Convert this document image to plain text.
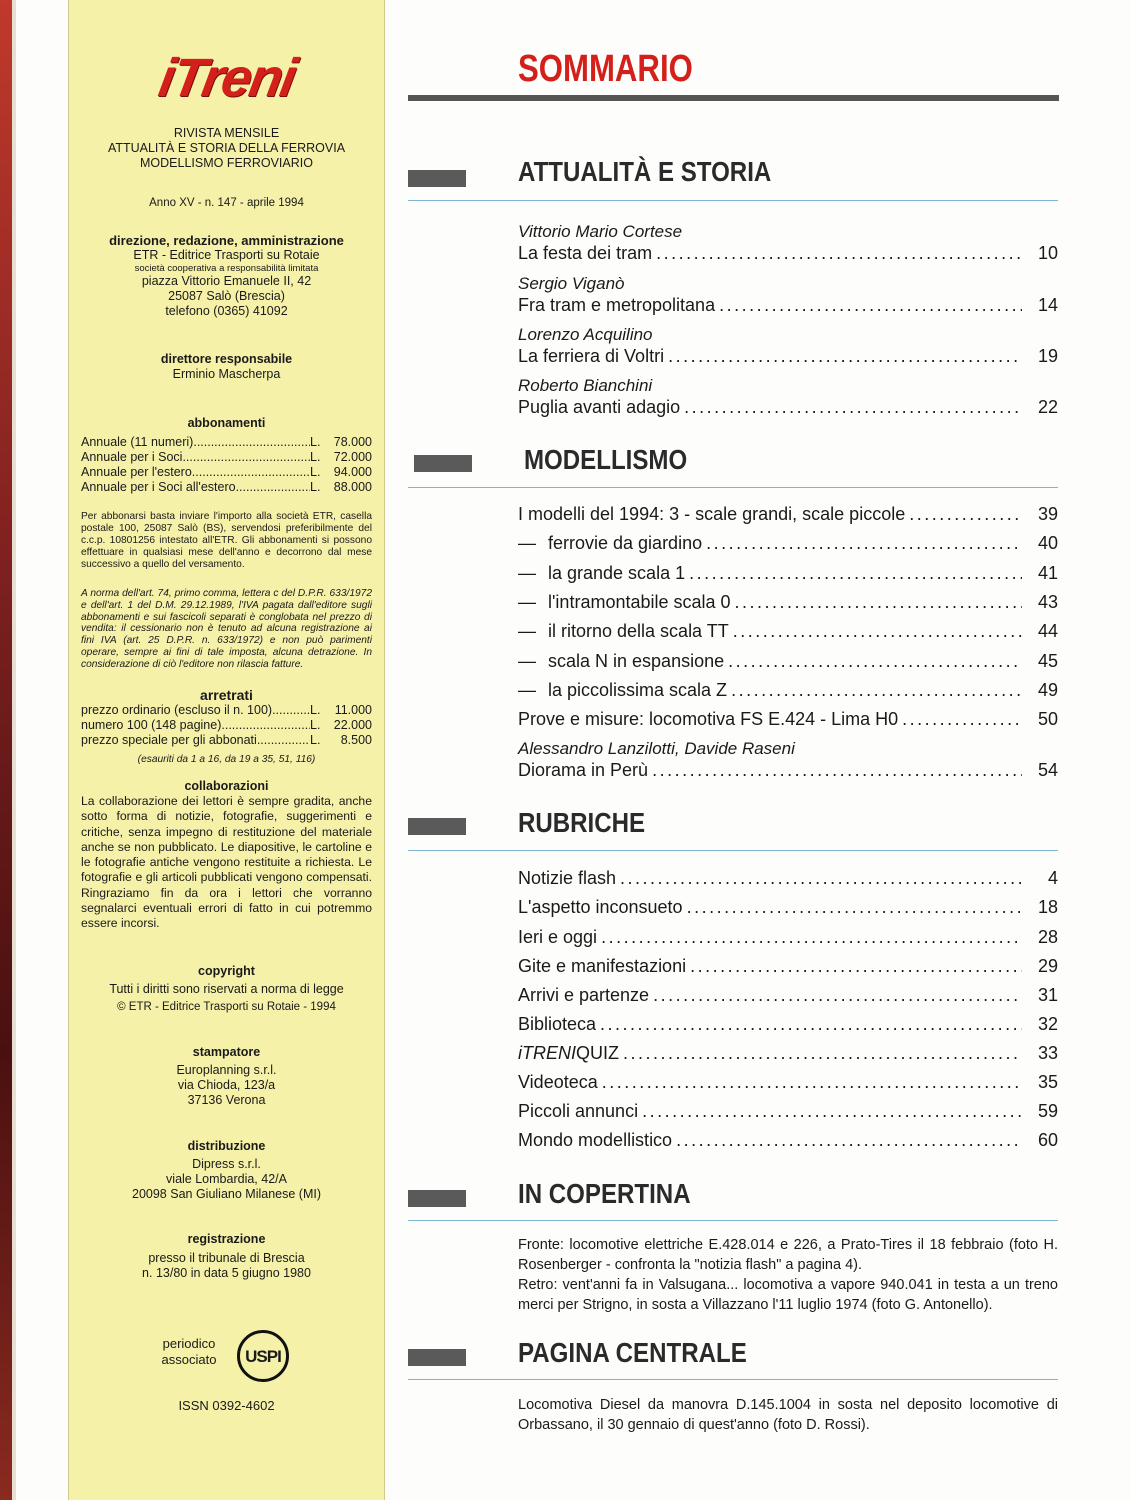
iTreni
RIVISTA MENSILE
ATTUALITÀ E STORIA DELLA FERROVIA
MODELLISMO FERROVIARIO
Anno XV - n. 147 - aprile 1994
direzione, redazione, amministrazione
ETR - Editrice Trasporti su Rotaie
società cooperativa a responsabilità limitata
piazza Vittorio Emanuele II, 42
25087 Salò (Brescia)
telefono (0365) 41092
direttore responsabile
Erminio Mascherpa
abbonamenti
Annuale (11 numeri) .....	L.	78.000
Annuale per i Soci .....	L.	72.000
Annuale per l'estero .....	L.	94.000
Annuale per i Soci all'estero .....	L.	88.000
Per abbonarsi basta inviare l'importo alla società ETR, casella postale 100, 25087 Salò (BS), servendosi preferibilmente del c.c.p. 10801256 intestato all'ETR. Gli abbonamenti si possono effettuare in qualsiasi mese dell'anno e decorrono dal mese successivo a quello del versamento.
A norma dell'art. 74, primo comma, lettera c del D.P.R. 633/1972 e dell'art. 1 del D.M. 29.12.1989, l'IVA pagata dall'editore sugli abbonamenti e sui fascicoli separati è conglobata nel prezzo di vendita: il cessionario non è tenuto ad alcuna registrazione ai fini IVA (art. 25 D.P.R. n. 633/1972) e non può parimenti operare, sempre ai fini di tale imposta, alcuna detrazione. In considerazione di ciò l'editore non rilascia fatture.
arretrati
prezzo ordinario (escluso il n. 100) .....	L.	11.000
numero 100 (148 pagine) .....	L.	22.000
prezzo speciale per gli abbonati .....	L.	8.500
(esauriti da 1 a 16, da 19 a 35, 51, 116)
collaborazioni
La collaborazione dei lettori è sempre gradita, anche sotto forma di notizie, fotografie, suggerimenti e critiche, senza impegno di restituzione del materiale anche se non pubblicato. Le diapositive, le cartoline e le fotografie antiche vengono restituite a richiesta. Le fotografie e gli articoli pubblicati vengono compensati. Ringraziamo fin da ora i lettori che vorranno segnalarci eventuali errori di fatto in cui potremmo essere incorsi.
copyright
Tutti i diritti sono riservati a norma di legge
© ETR - Editrice Trasporti su Rotaie - 1994
stampatore
Europlanning s.r.l.
via Chioda, 123/a
37136 Verona
distribuzione
Dipress s.r.l.
viale Lombardia, 42/A
20098 San Giuliano Milanese (MI)
registrazione
presso il tribunale di Brescia
n. 13/80 in data 5 giugno 1980
periodico
associato	USPI
ISSN 0392-4602
SOMMARIO
ATTUALITÀ E STORIA
Vittorio Mario Cortese
La festa dei tram .....	10
Sergio Viganò
Fra tram e metropolitana .....	14
Lorenzo Acquilino
La ferriera di Voltri .....	19
Roberto Bianchini
Puglia avanti adagio .....	22
MODELLISMO
I modelli del 1994: 3 - scale grandi, scale piccole .....	39
— ferrovie da giardino .....	40
— la grande scala 1 .....	41
— l'intramontabile scala 0 .....	43
— il ritorno della scala TT .....	44
— scala N in espansione .....	45
— la piccolissima scala Z .....	49
Prove e misure: locomotiva FS E.424 - Lima H0 .....	50
Alessandro Lanzilotti, Davide Raseni
Diorama in Perù .....	54
RUBRICHE
Notizie flash .....	4
L'aspetto inconsueto .....	18
Ieri e oggi .....	28
Gite e manifestazioni .....	29
Arrivi e partenze .....	31
Biblioteca .....	32
iTRENIQUIZ .....	33
Videoteca .....	35
Piccoli annunci .....	59
Mondo modellistico .....	60
IN COPERTINA
Fronte: locomotive elettriche E.428.014 e 226, a Prato-Tires il 18 febbraio (foto H. Rosenberger - confronta la "notizia flash" a pagina 4).
Retro: vent'anni fa in Valsugana... locomotiva a vapore 940.041 in testa a un treno merci per Strigno, in sosta a Villazzano l'11 luglio 1974 (foto G. Antonello).
PAGINA CENTRALE
Locomotiva Diesel da manovra D.145.1004 in sosta nel deposito locomotive di Orbassano, il 30 gennaio di quest'anno (foto D. Rossi).
